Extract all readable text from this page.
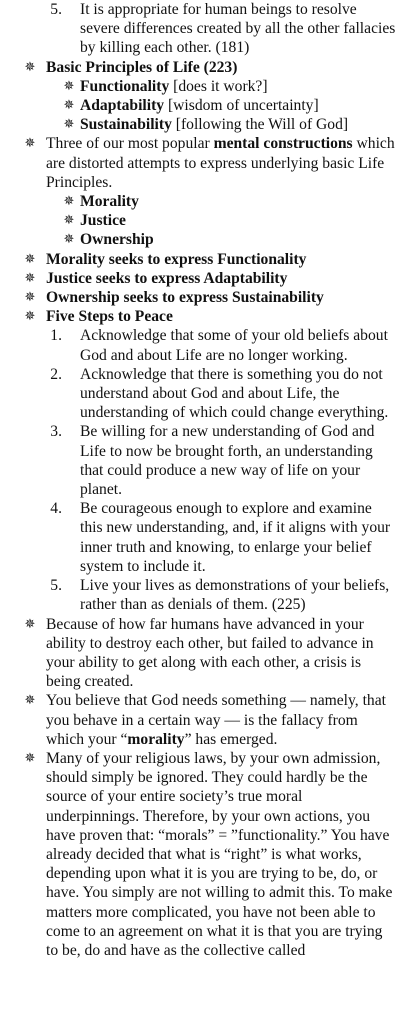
5. It is appropriate for human beings to resolve severe differences created by all the other fallacies by killing each other. (181)
✵ Basic Principles of Life (223)
✵ Functionality [does it work?]
✵ Adaptability [wisdom of uncertainty]
✵ Sustainability [following the Will of God]
✵ Three of our most popular mental constructions which are distorted attempts to express underlying basic Life Principles.
✵ Morality
✵ Justice
✵ Ownership
✵ Morality seeks to express Functionality
✵ Justice seeks to express Adaptability
✵ Ownership seeks to express Sustainability
✵ Five Steps to Peace
1. Acknowledge that some of your old beliefs about God and about Life are no longer working.
2. Acknowledge that there is something you do not understand about God and about Life, the understanding of which could change everything.
3. Be willing for a new understanding of God and Life to now be brought forth, an understanding that could produce a new way of life on your planet.
4. Be courageous enough to explore and examine this new understanding, and, if it aligns with your inner truth and knowing, to enlarge your belief system to include it.
5. Live your lives as demonstrations of your beliefs, rather than as denials of them. (225)
✵ Because of how far humans have advanced in your ability to destroy each other, but failed to advance in your ability to get along with each other, a crisis is being created.
✵ You believe that God needs something — namely, that you behave in a certain way — is the fallacy from which your “morality” has emerged.
✵ Many of your religious laws, by your own admission, should simply be ignored. They could hardly be the source of your entire society’s true moral underpinnings. Therefore, by your own actions, you have proven that: “morals” = ”functionality.” You have already decided that what is “right” is what works, depending upon what it is you are trying to be, do, or have. You simply are not willing to admit this. To make matters more complicated, you have not been able to come to an agreement on what it is that you are trying to be, do and have as the collective called
